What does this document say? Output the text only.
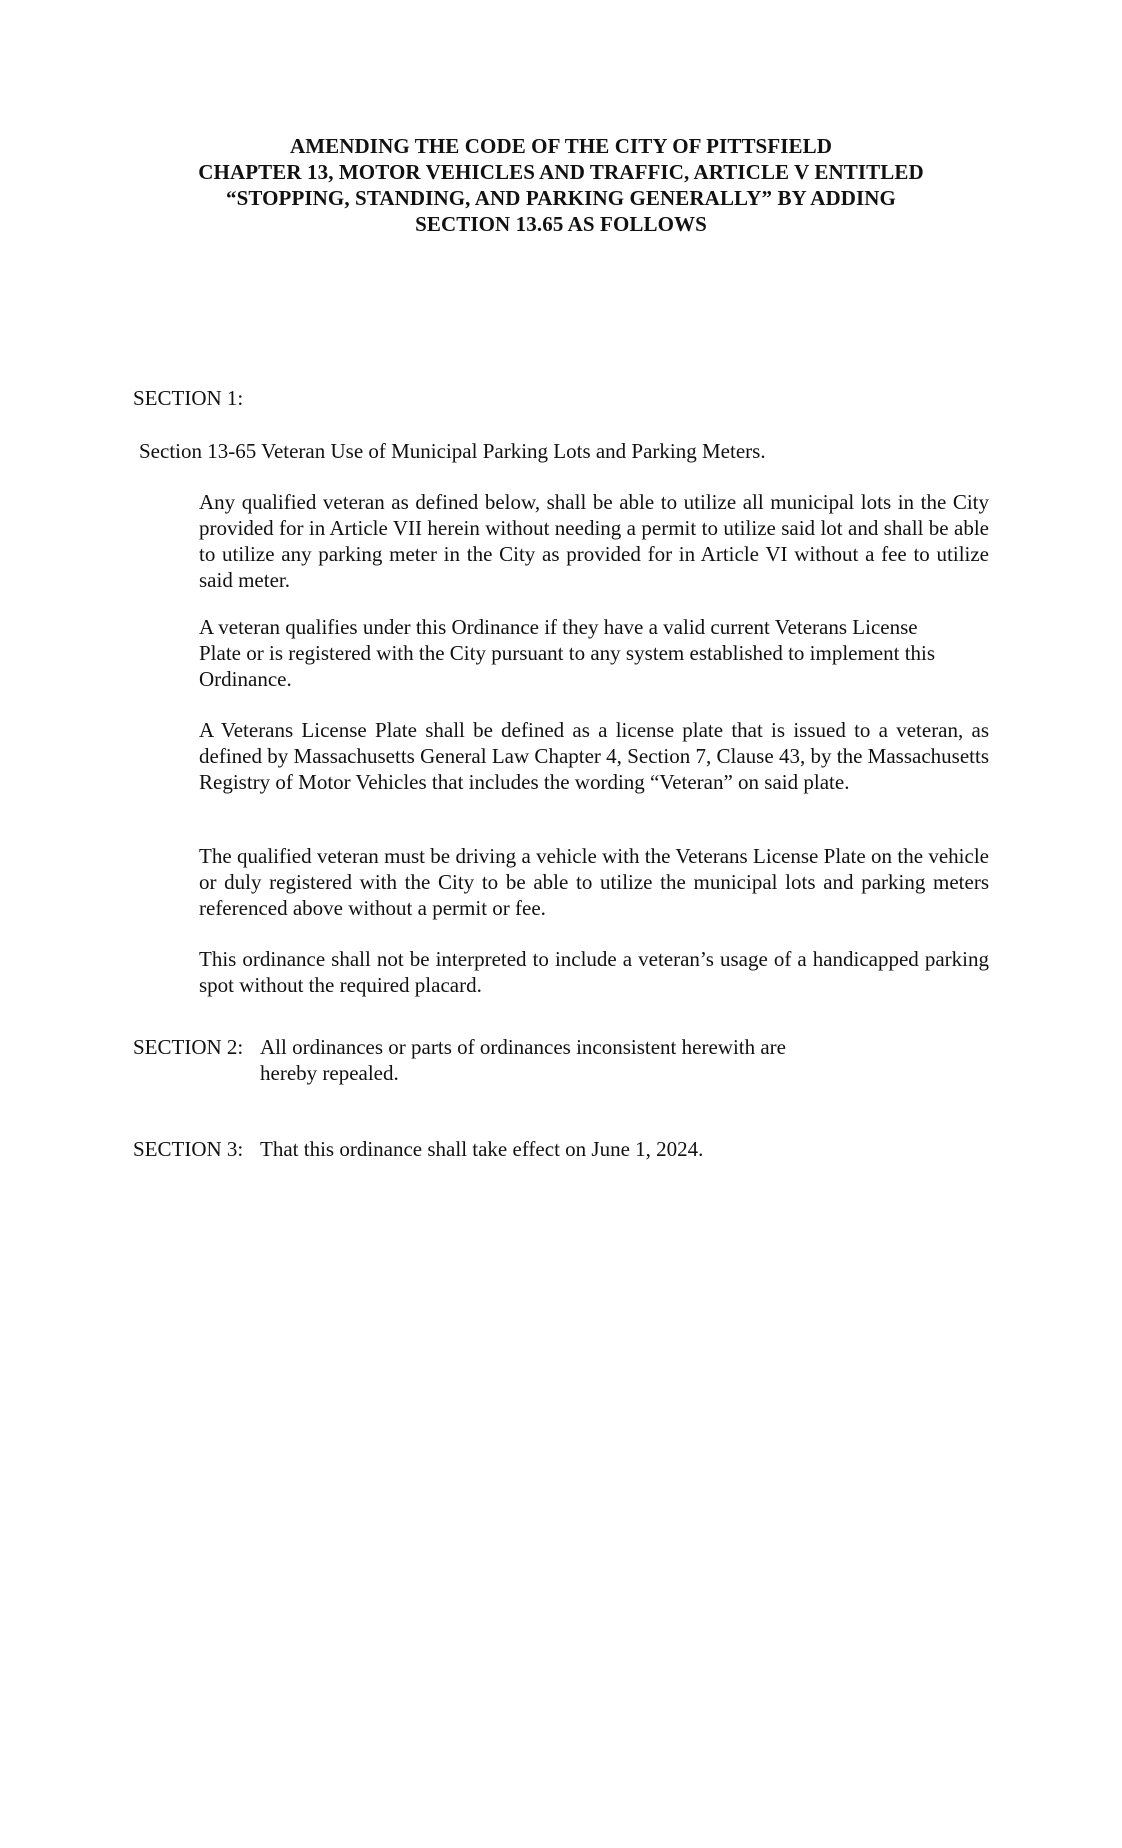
AMENDING THE CODE OF THE CITY OF PITTSFIELD
CHAPTER 13, MOTOR VEHICLES AND TRAFFIC, ARTICLE V ENTITLED
“STOPPING, STANDING, AND PARKING GENERALLY” BY ADDING
SECTION 13.65 AS FOLLOWS

SECTION 1:

Section 13-65 Veteran Use of Municipal Parking Lots and Parking Meters.

Any qualified veteran as defined below, shall be able to utilize all municipal lots in the City provided for in Article VII herein without needing a permit to utilize said lot and shall be able to utilize any parking meter in the City as provided for in Article VI without a fee to utilize said meter.

A veteran qualifies under this Ordinance if they have a valid current Veterans License Plate or is registered with the City pursuant to any system established to implement this Ordinance.

A Veterans License Plate shall be defined as a license plate that is issued to a veteran, as defined by Massachusetts General Law Chapter 4, Section 7, Clause 43, by the Massachusetts Registry of Motor Vehicles that includes the wording “Veteran” on said plate.

The qualified veteran must be driving a vehicle with the Veterans License Plate on the vehicle or duly registered with the City to be able to utilize the municipal lots and parking meters referenced above without a permit or fee.

This ordinance shall not be interpreted to include a veteran’s usage of a handicapped parking spot without the required placard.

SECTION 2: All ordinances or parts of ordinances inconsistent herewith are hereby repealed.
SECTION 3: That this ordinance shall take effect on June 1, 2024.
